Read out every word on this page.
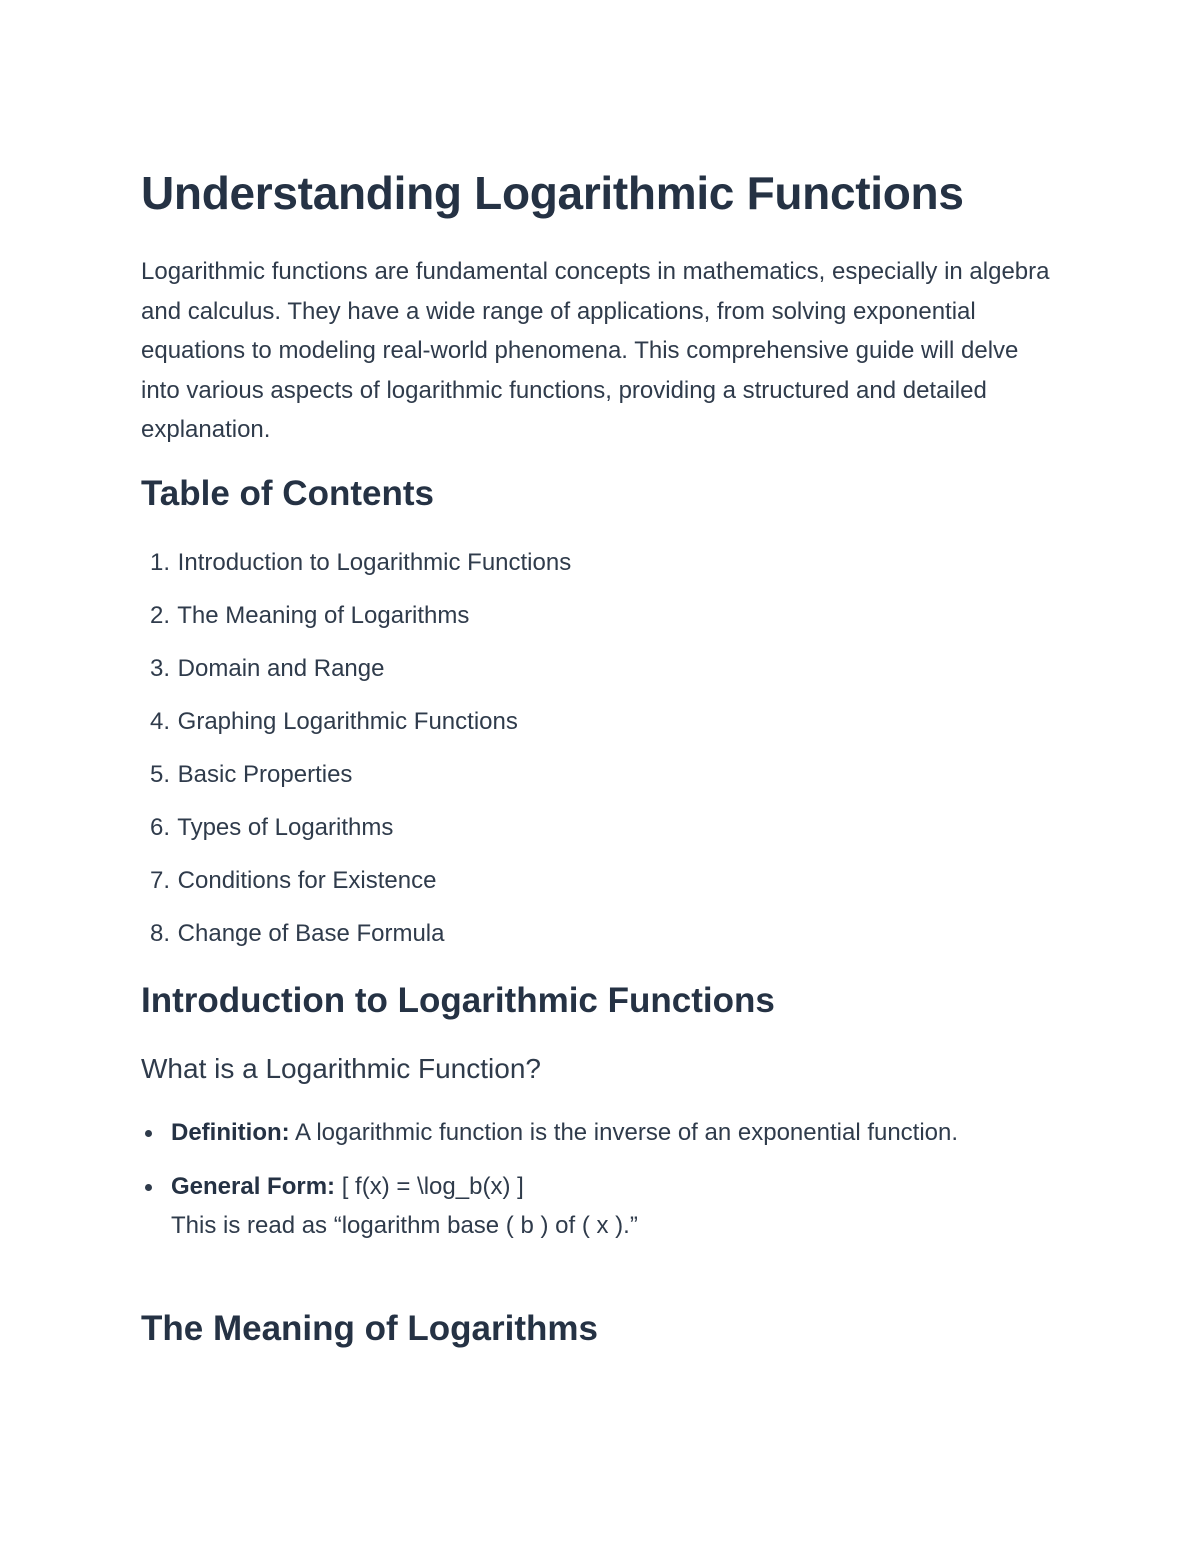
Understanding Logarithmic Functions

Logarithmic functions are fundamental concepts in mathematics, especially in algebra and calculus. They have a wide range of applications, from solving exponential equations to modeling real-world phenomena. This comprehensive guide will delve into various aspects of logarithmic functions, providing a structured and detailed explanation.

Table of Contents
1. Introduction to Logarithmic Functions
2. The Meaning of Logarithms
3. Domain and Range
4. Graphing Logarithmic Functions
5. Basic Properties
6. Types of Logarithms
7. Conditions for Existence
8. Change of Base Formula
Introduction to Logarithmic Functions
What is a Logarithmic Function?
Definition: A logarithmic function is the inverse of an exponential function.
General Form: [ f(x) = \log_b(x) ]
This is read as “logarithm base ( b ) of ( x ).”
The Meaning of Logarithms
